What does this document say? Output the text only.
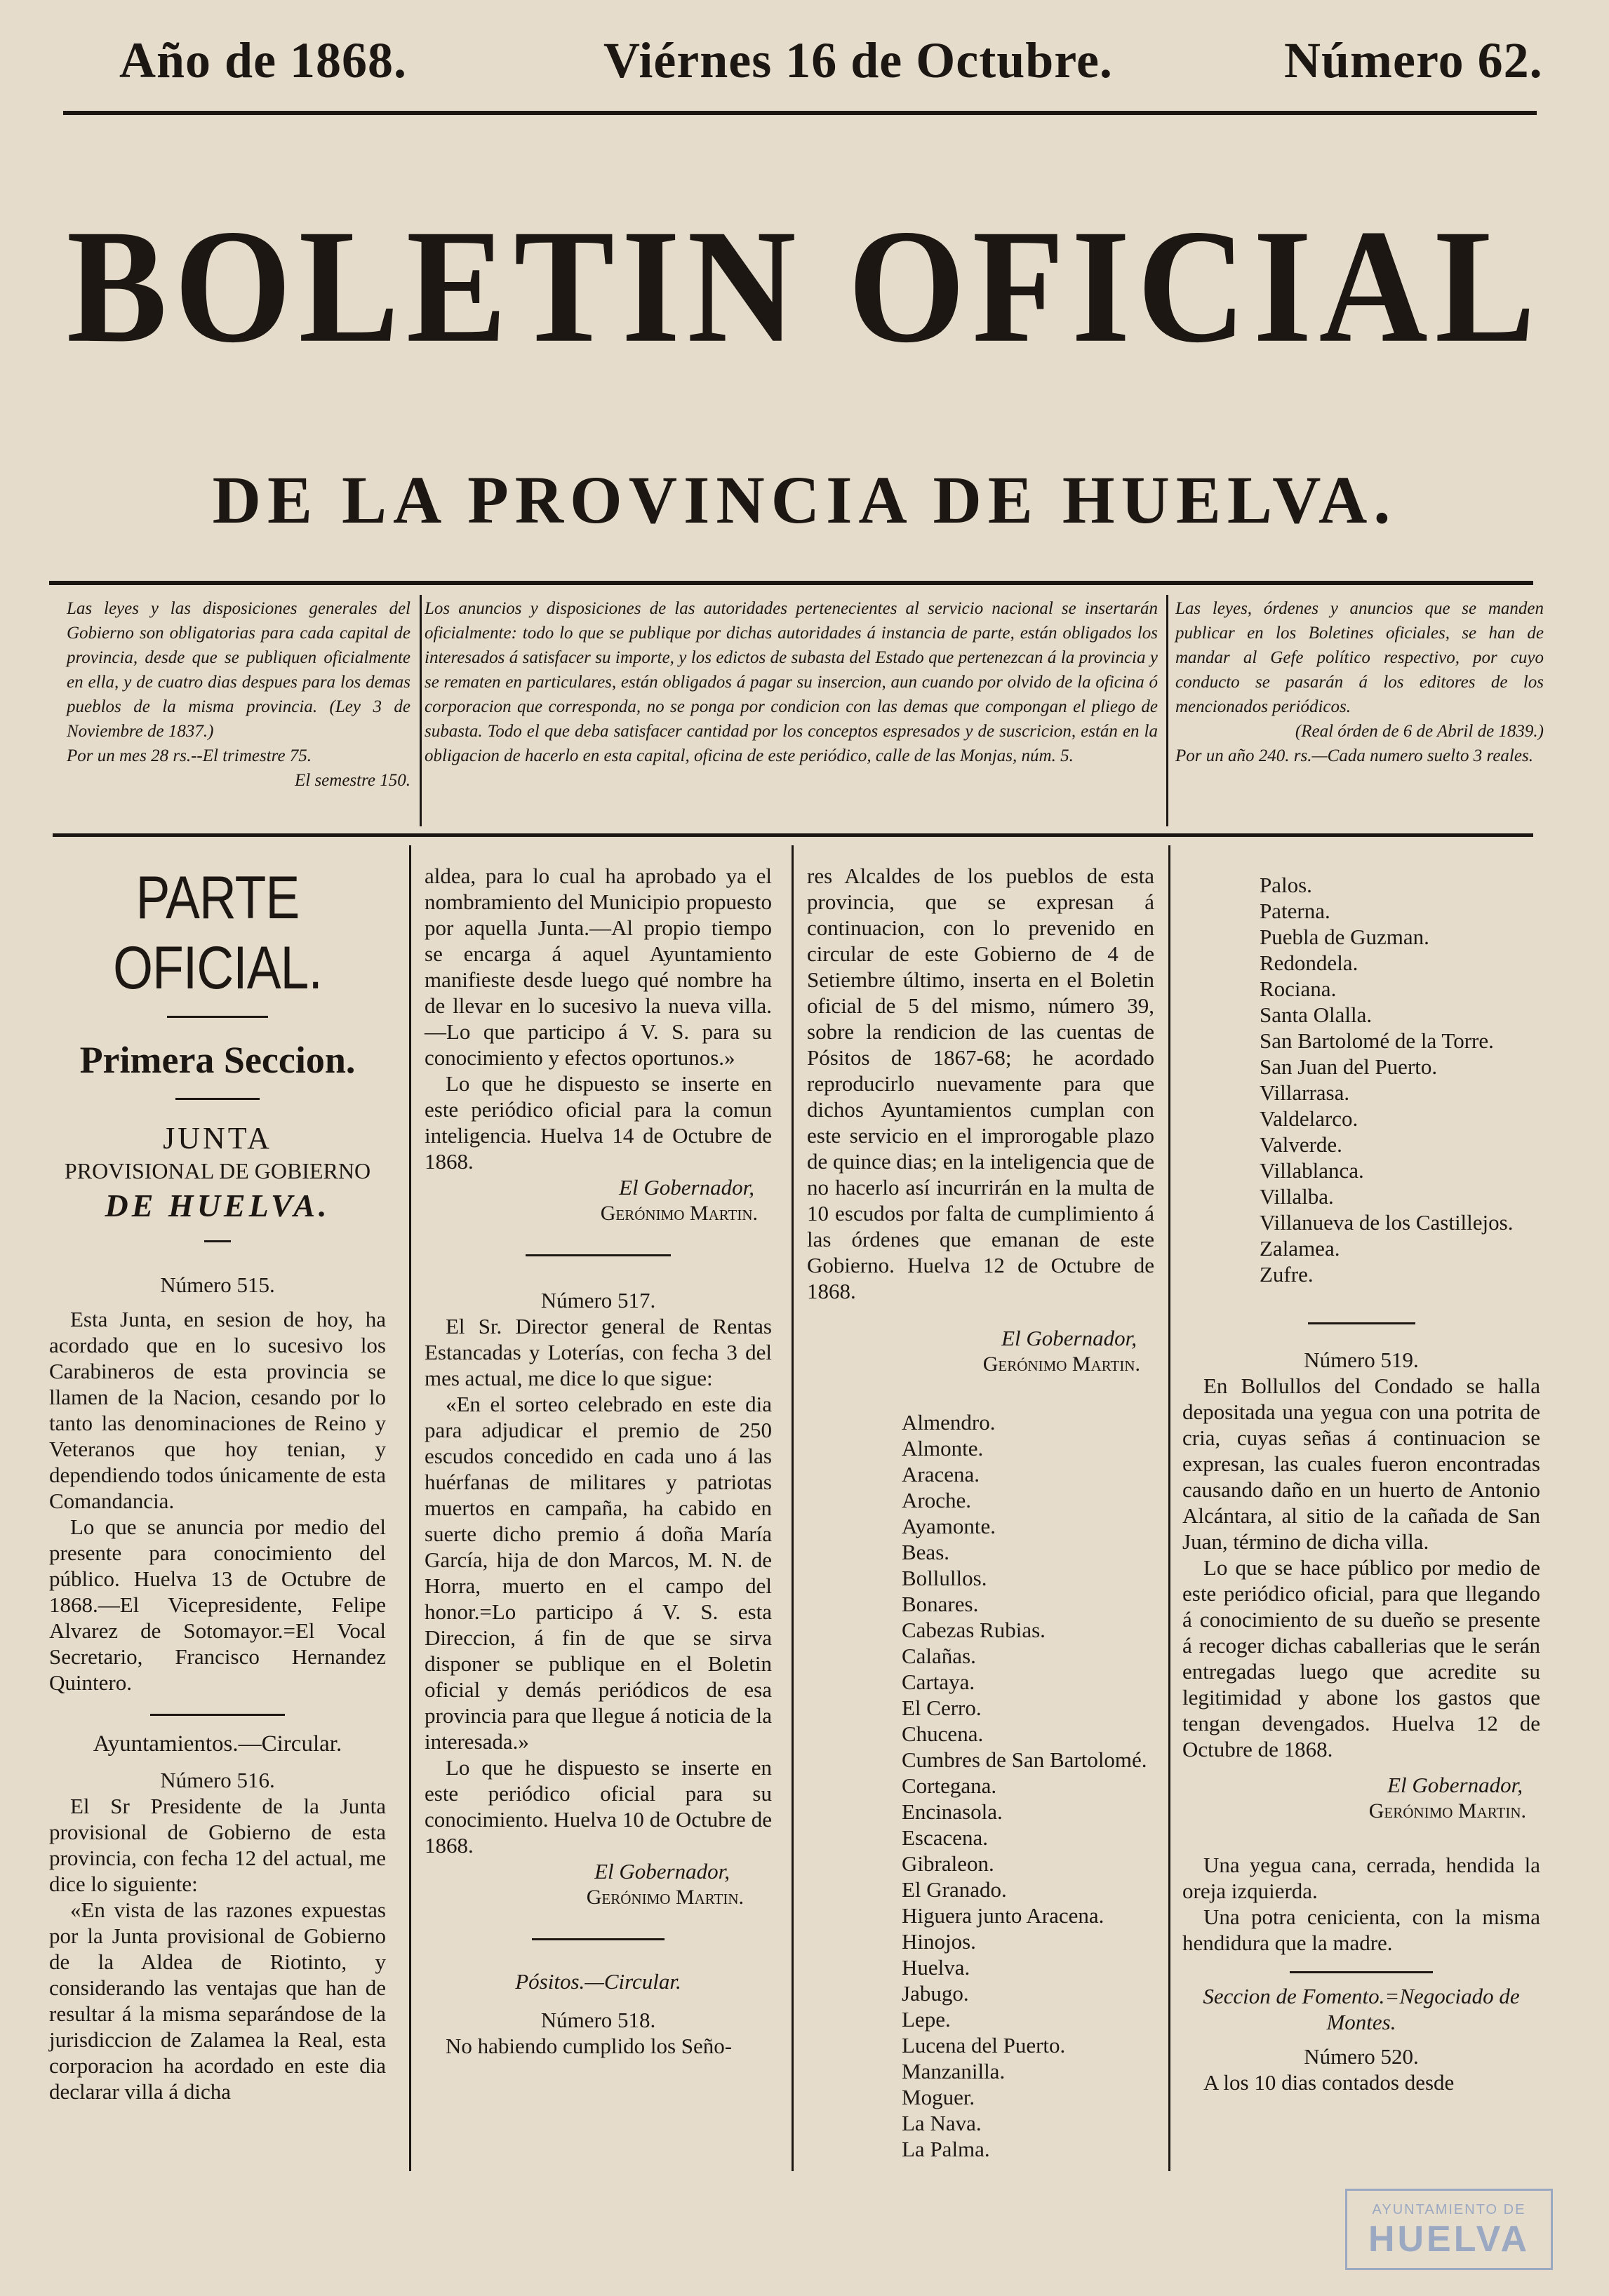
Año de 1868.	Viérnes 16 de Octubre.	Número 62.
BOLETIN OFICIAL
DE LA PROVINCIA DE HUELVA.

Las leyes y las disposiciones generales del Gobierno son obligatorias para cada capital de provincia, desde que se publiquen oficialmente en ella, y de cuatro dias despues para los demas pueblos de la misma provincia. (Ley 3 de Noviembre de 1837.)

Por un mes 28 rs.--El trimestre 75.

El semestre 150.

Los anuncios y disposiciones de las autoridades pertenecientes al servicio nacional se insertarán oficialmente: todo lo que se publique por dichas autoridades á instancia de parte, están obligados los interesados á satisfacer su importe, y los edictos de subasta del Estado que pertenezcan á la provincia y se rematen en particulares, están obligados á pagar su insercion, aun cuando por olvido de la oficina ó corporacion que corresponda, no se ponga por condicion con las demas que compongan el pliego de subasta. Todo el que deba satisfacer cantidad por los conceptos espresados y de suscricion, están en la obligacion de hacerlo en esta capital, oficina de este periódico, calle de las Monjas, núm. 5.

Las leyes, órdenes y anuncios que se manden publicar en los Boletines oficiales, se han de mandar al Gefe político respectivo, por cuyo conducto se pasarán á los editores de los mencionados periódicos.

(Real órden de 6 de Abril de 1839.)

Por un año 240. rs.—Cada numero suelto 3 reales.

PARTE OFICIAL.
Primera Seccion.
JUNTA
PROVISIONAL DE GOBIERNO
DE HUELVA.

Número 515.

Esta Junta, en sesion de hoy, ha acordado que en lo sucesivo los Carabineros de esta provincia se llamen de la Nacion, cesando por lo tanto las denominaciones de Reino y Veteranos que hoy tenian, y dependiendo todos únicamente de esta Comandancia.

Lo que se anuncia por medio del presente para conocimiento del público. Huelva 13 de Octubre de 1868.—El Vicepresidente, Felipe Alvarez de Sotomayor.=El Vocal Secretario, Francisco Hernandez Quintero.

Ayuntamientos.—Circular.

Número 516.

El Sr Presidente de la Junta provisional de Gobierno de esta provincia, con fecha 12 del actual, me dice lo siguiente:

«En vista de las razones expuestas por la Junta provisional de Gobierno de la Aldea de Riotinto, y considerando las ventajas que han de resultar á la misma separándose de la jurisdiccion de Zalamea la Real, esta corporacion ha acordado en este dia declarar villa á dicha

aldea, para lo cual ha aprobado ya el nombramiento del Municipio propuesto por aquella Junta.—Al propio tiempo se encarga á aquel Ayuntamiento manifieste desde luego qué nombre ha de llevar en lo sucesivo la nueva villa.—Lo que participo á V. S. para su conocimiento y efectos oportunos.»

Lo que he dispuesto se inserte en este periódico oficial para la comun inteligencia. Huelva 14 de Octubre de 1868.

El Gobernador,

Gerónimo Martin.

Número 517.

El Sr. Director general de Rentas Estancadas y Loterías, con fecha 3 del mes actual, me dice lo que sigue:

«En el sorteo celebrado en este dia para adjudicar el premio de 250 escudos concedido en cada uno á las huérfanas de militares y patriotas muertos en campaña, ha cabido en suerte dicho premio á doña María García, hija de don Marcos, M. N. de Horra, muerto en el campo del honor.=Lo participo á V. S. esta Direccion, á fin de que se sirva disponer se publique en el Boletin oficial y demás periódicos de esa provincia para que llegue á noticia de la interesada.»

Lo que he dispuesto se inserte en este periódico oficial para su conocimiento. Huelva 10 de Octubre de 1868.

El Gobernador,

Gerónimo Martin.

Pósitos.—Circular.

Número 518.

No habiendo cumplido los Seño-

res Alcaldes de los pueblos de esta provincia, que se expresan á continuacion, con lo prevenido en circular de este Gobierno de 4 de Setiembre último, inserta en el Boletin oficial de 5 del mismo, número 39, sobre la rendicion de las cuentas de Pósitos de 1867-68; he acordado reproducirlo nuevamente para que dichos Ayuntamientos cumplan con este servicio en el improrogable plazo de quince dias; en la inteligencia que de no hacerlo así incurrirán en la multa de 10 escudos por falta de cumplimiento á las órdenes que emanan de este Gobierno. Huelva 12 de Octubre de 1868.

El Gobernador,

Gerónimo Martin.

Almendro.
Almonte.
Aracena.
Aroche.
Ayamonte.
Beas.
Bollullos.
Bonares.
Cabezas Rubias.
Calañas.
Cartaya.
El Cerro.
Chucena.
Cumbres de San Bartolomé.
Cortegana.
Encinasola.
Escacena.
Gibraleon.
El Granado.
Higuera junto Aracena.
Hinojos.
Huelva.
Jabugo.
Lepe.
Lucena del Puerto.
Manzanilla.
Moguer.
La Nava.
La Palma.
Palos.
Paterna.
Puebla de Guzman.
Redondela.
Rociana.
Santa Olalla.
San Bartolomé de la Torre.
San Juan del Puerto.
Villarrasa.
Valdelarco.
Valverde.
Villablanca.
Villalba.
Villanueva de los Castillejos.
Zalamea.
Zufre.

Número 519.

En Bollullos del Condado se halla depositada una yegua con una potrita de cria, cuyas señas á continuacion se expresan, las cuales fueron encontradas causando daño en un huerto de Antonio Alcántara, al sitio de la cañada de San Juan, término de dicha villa.

Lo que se hace público por medio de este periódico oficial, para que llegando á conocimiento de su dueño se presente á recoger dichas caballerias que le serán entregadas luego que acredite su legitimidad y abone los gastos que tengan devengados. Huelva 12 de Octubre de 1868.

El Gobernador,

Gerónimo Martin.

Una yegua cana, cerrada, hendida la oreja izquierda.

Una potra cenicienta, con la misma hendidura que la madre.

Seccion de Fomento.=Negociado de Montes.

Número 520.

A los 10 dias contados desde

AYUNTAMIENTO DE
HUELVA
